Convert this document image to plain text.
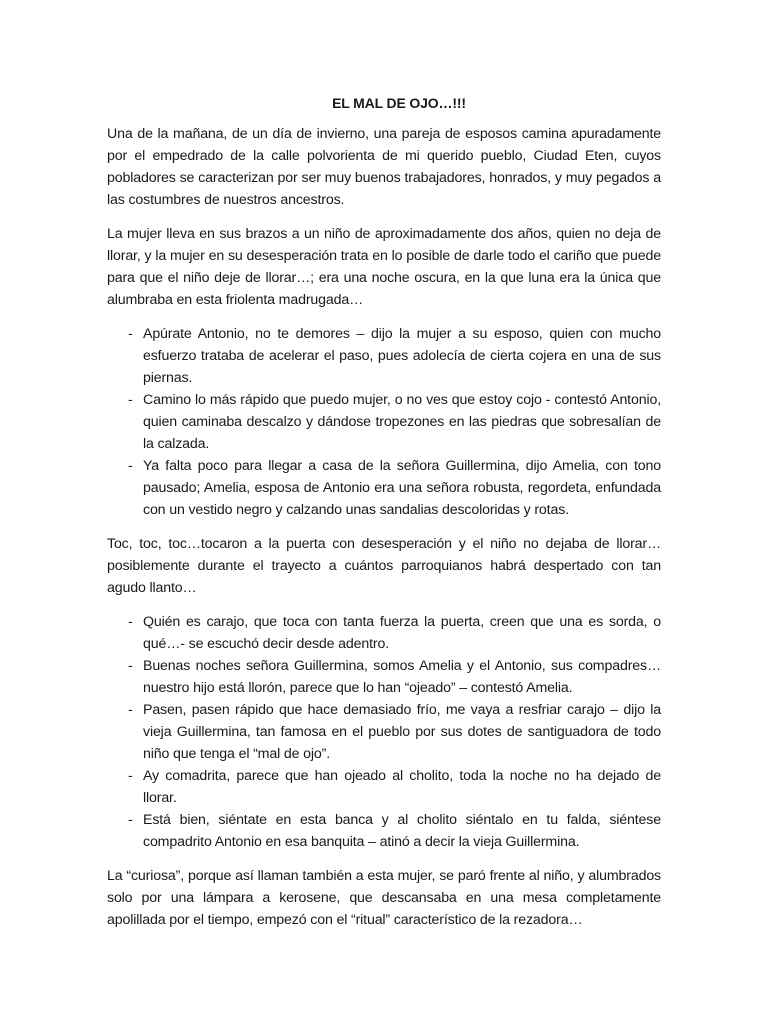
EL MAL DE OJO…!!!

Una de la mañana, de un día de invierno, una pareja de esposos camina apuradamente por el empedrado de la calle polvorienta de mi querido pueblo, Ciudad Eten, cuyos pobladores se caracterizan por ser muy buenos trabajadores, honrados, y muy pegados a las costumbres de nuestros ancestros.

La mujer lleva en sus brazos a un niño de aproximadamente dos años, quien no deja de llorar, y la mujer en su desesperación trata en lo posible de darle todo el cariño que puede para que el niño deje de llorar…; era una noche oscura, en la que luna era la única que alumbraba en esta friolenta madrugada…

- Apúrate Antonio, no te demores – dijo la mujer a su esposo, quien con mucho esfuerzo trataba de acelerar el paso, pues adolecía de cierta cojera en una de sus piernas.
- Camino lo más rápido que puedo mujer, o no ves que estoy cojo - contestó Antonio, quien caminaba descalzo y dándose tropezones en las piedras que sobresalían de la calzada.
- Ya falta poco para llegar a casa de la señora Guillermina, dijo Amelia, con tono pausado; Amelia, esposa de Antonio era una señora robusta, regordeta, enfundada con un vestido negro y calzando unas sandalias descoloridas y rotas.

Toc, toc, toc…tocaron a la puerta con desesperación y el niño no dejaba de llorar… posiblemente durante el trayecto a cuántos parroquianos habrá despertado con tan agudo llanto…

- Quién es carajo, que toca con tanta fuerza la puerta, creen que una es sorda, o qué…- se escuchó decir desde adentro.
- Buenas noches señora Guillermina, somos Amelia y el Antonio, sus compadres… nuestro hijo está llorón, parece que lo han “ojeado” – contestó Amelia.
- Pasen, pasen rápido que hace demasiado frío, me vaya a resfriar carajo – dijo la vieja Guillermina, tan famosa en el pueblo por sus dotes de santiguadora de todo niño que tenga el “mal de ojo”.
- Ay comadrita, parece que han ojeado al cholito, toda la noche no ha dejado de llorar.
- Está bien, siéntate en esta banca y al cholito siéntalo en tu falda, siéntese compadrito Antonio en esa banquita – atinó a decir la vieja Guillermina.

La “curiosa”, porque así llaman también a esta mujer, se paró frente al niño, y alumbrados solo por una lámpara a kerosene, que descansaba en una mesa completamente apolillada por el tiempo, empezó con el “ritual” característico de la rezadora…
